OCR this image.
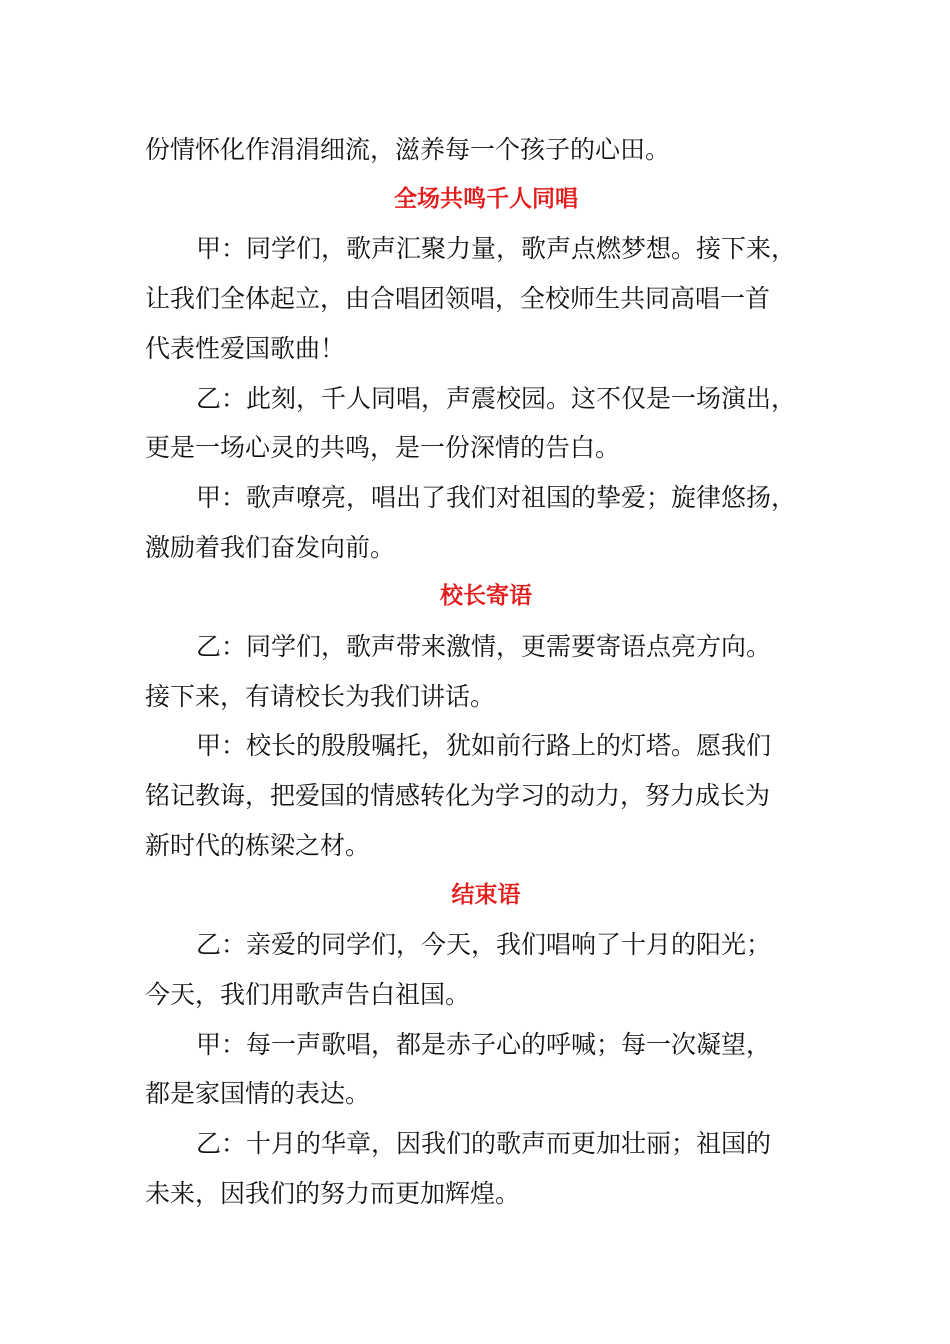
份情怀化作涓涓细流，滋养每一个孩子的心田。

全场共鸣千人同唱

甲：同学们，歌声汇聚力量，歌声点燃梦想。接下来，
让我们全体起立，由合唱团领唱，全校师生共同高唱一首
代表性爱国歌曲！

乙：此刻，千人同唱，声震校园。这不仅是一场演出，
更是一场心灵的共鸣，是一份深情的告白。

甲：歌声嘹亮，唱出了我们对祖国的挚爱；旋律悠扬，
激励着我们奋发向前。

校长寄语

乙：同学们，歌声带来激情，更需要寄语点亮方向。
接下来，有请校长为我们讲话。

甲：校长的殷殷嘱托，犹如前行路上的灯塔。愿我们
铭记教诲，把爱国的情感转化为学习的动力，努力成长为
新时代的栋梁之材。

结束语

乙：亲爱的同学们，今天，我们唱响了十月的阳光；
今天，我们用歌声告白祖国。

甲：每一声歌唱，都是赤子心的呼喊；每一次凝望，
都是家国情的表达。

乙：十月的华章，因我们的歌声而更加壮丽；祖国的
未来，因我们的努力而更加辉煌。
